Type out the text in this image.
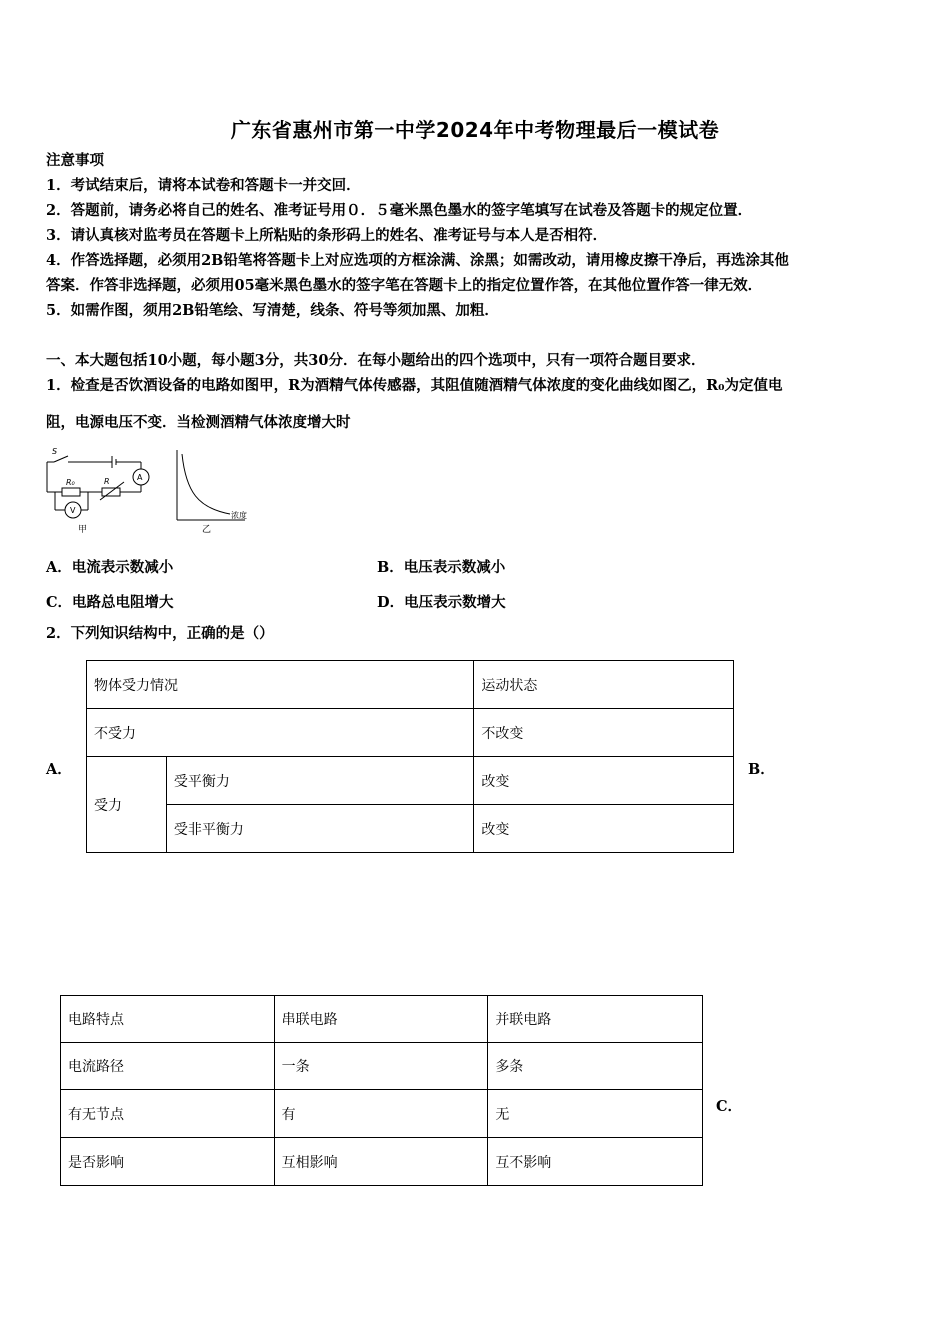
广东省惠州市第一中学2024年中考物理最后一模试卷
注意事项
1．考试结束后，请将本试卷和答题卡一并交回．
2．答题前，请务必将自己的姓名、准考证号用０．５毫米黑色墨水的签字笔填写在试卷及答题卡的规定位置．
3．请认真核对监考员在答题卡上所粘贴的条形码上的姓名、准考证号与本人是否相符．
4．作答选择题，必须用2B铅笔将答题卡上对应选项的方框涂满、涂黑；如需改动，请用橡皮擦干净后，再选涂其他
答案．作答非选择题，必须用05毫米黑色墨水的签字笔在答题卡上的指定位置作答，在其他位置作答一律无效．
5．如需作图，须用2B铅笔绘、写清楚，线条、符号等须加黑、加粗．
一、本大题包括10小题，每小题3分，共30分．在每小题给出的四个选项中，只有一项符合题目要求．
1．检查是否饮酒设备的电路如图甲，R为酒精气体传感器，其阻值随酒精气体浓度的变化曲线如图乙，R₀为定值电
阻，电源电压不变．当检测酒精气体浓度增大时
S
R₀	R	A
V
甲
浓度
乙
A．电流表示数减小	B．电压表示数减小
C．电路总电阻增大	D．电压表示数增大
2．下列知识结构中，正确的是（）
A．
物体受力情况		运动状态
不受力		不改变
受力	受平衡力	改变
	受非平衡力	改变
B．
电路特点	串联电路	并联电路
电流路径	一条	多条
有无节点	有	无
是否影响	互相影响	互不影响
C．
